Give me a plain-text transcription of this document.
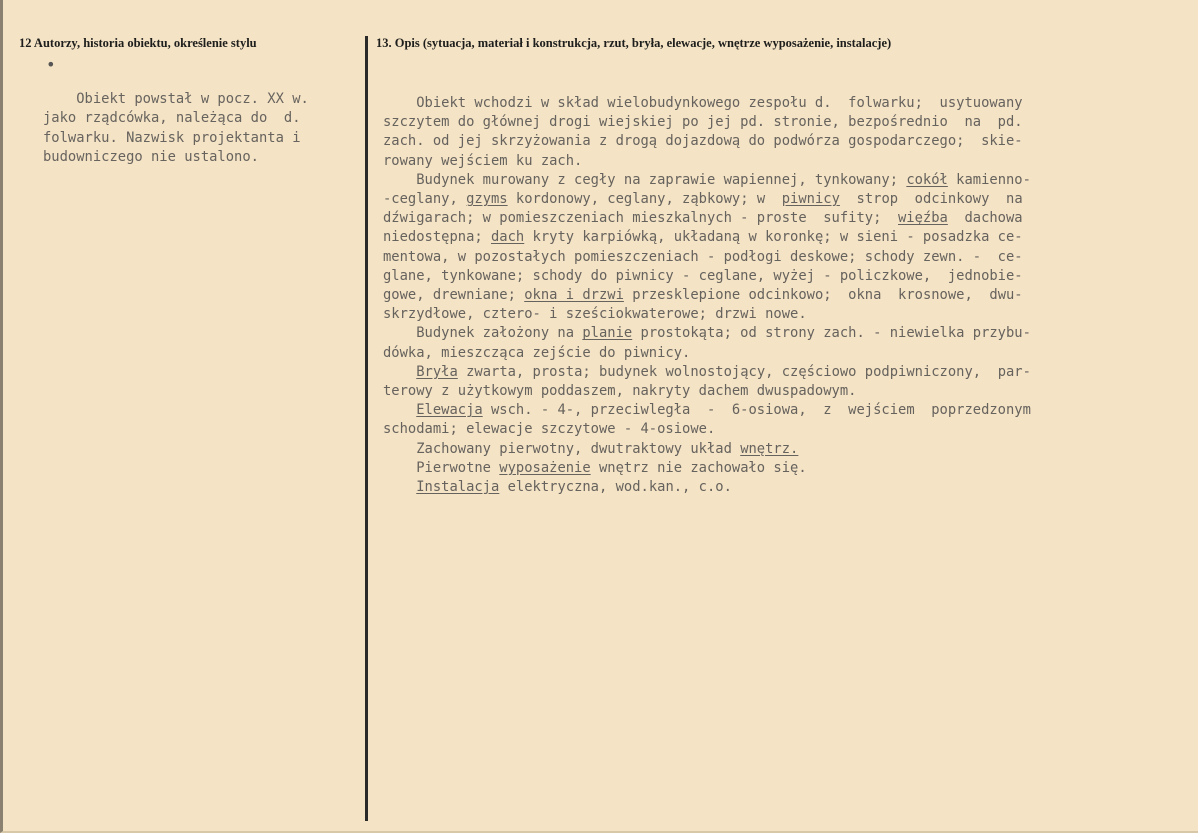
12 Autorzy, historia obiektu, określenie stylu	13. Opis (sytuacja, materiał i konstrukcja, rzut, bryła, elewacje, wnętrze wyposażenie, instalacje)
•
Obiekt powstał w pocz. XX w.
jako rządcówka, należąca do  d.
folwarku. Nazwisk projektanta i
budowniczego nie ustalono.
Obiekt wchodzi w skład wielobudynkowego zespołu d.  folwarku;  usytuowany
szczytem do głównej drogi wiejskiej po jej pd. stronie, bezpośrednio  na  pd.
zach. od jej skrzyżowania z drogą dojazdową do podwórza gospodarczego;  skie-
rowany wejściem ku zach.
Budynek murowany z cegły na zaprawie wapiennej, tynkowany; cokół kamienno-
-ceglany, gzyms kordonowy, ceglany, ząbkowy; w  piwnicy  strop  odcinkowy  na
dźwigarach; w pomieszczeniach mieszkalnych - proste  sufity;  więźba  dachowa
niedostępna; dach kryty karpiówką, układaną w koronkę; w sieni - posadzka ce-
mentowa, w pozostałych pomieszczeniach - podłogi deskowe; schody zewn. -  ce-
glane, tynkowane; schody do piwnicy - ceglane, wyżej - policzkowe,  jednobie-
gowe, drewniane; okna i drzwi przesklepione odcinkowo;  okna  krosnowe,  dwu-
skrzydłowe, cztero- i sześciokwaterowe; drzwi nowe.
Budynek założony na planie prostokąta; od strony zach. - niewielka przybu-
dówka, mieszcząca zejście do piwnicy.
Bryła zwarta, prosta; budynek wolnostojący, częściowo podpiwniczony,  par-
terowy z użytkowym poddaszem, nakryty dachem dwuspadowym.
Elewacja wsch. - 4-, przeciwległa  -  6-osiowa,  z  wejściem  poprzedzonym
schodami; elewacje szczytowe - 4-osiowe.
Zachowany pierwotny, dwutraktowy układ wnętrz.
Pierwotne wyposażenie wnętrz nie zachowało się.
Instalacja elektryczna, wod.kan., c.o.
